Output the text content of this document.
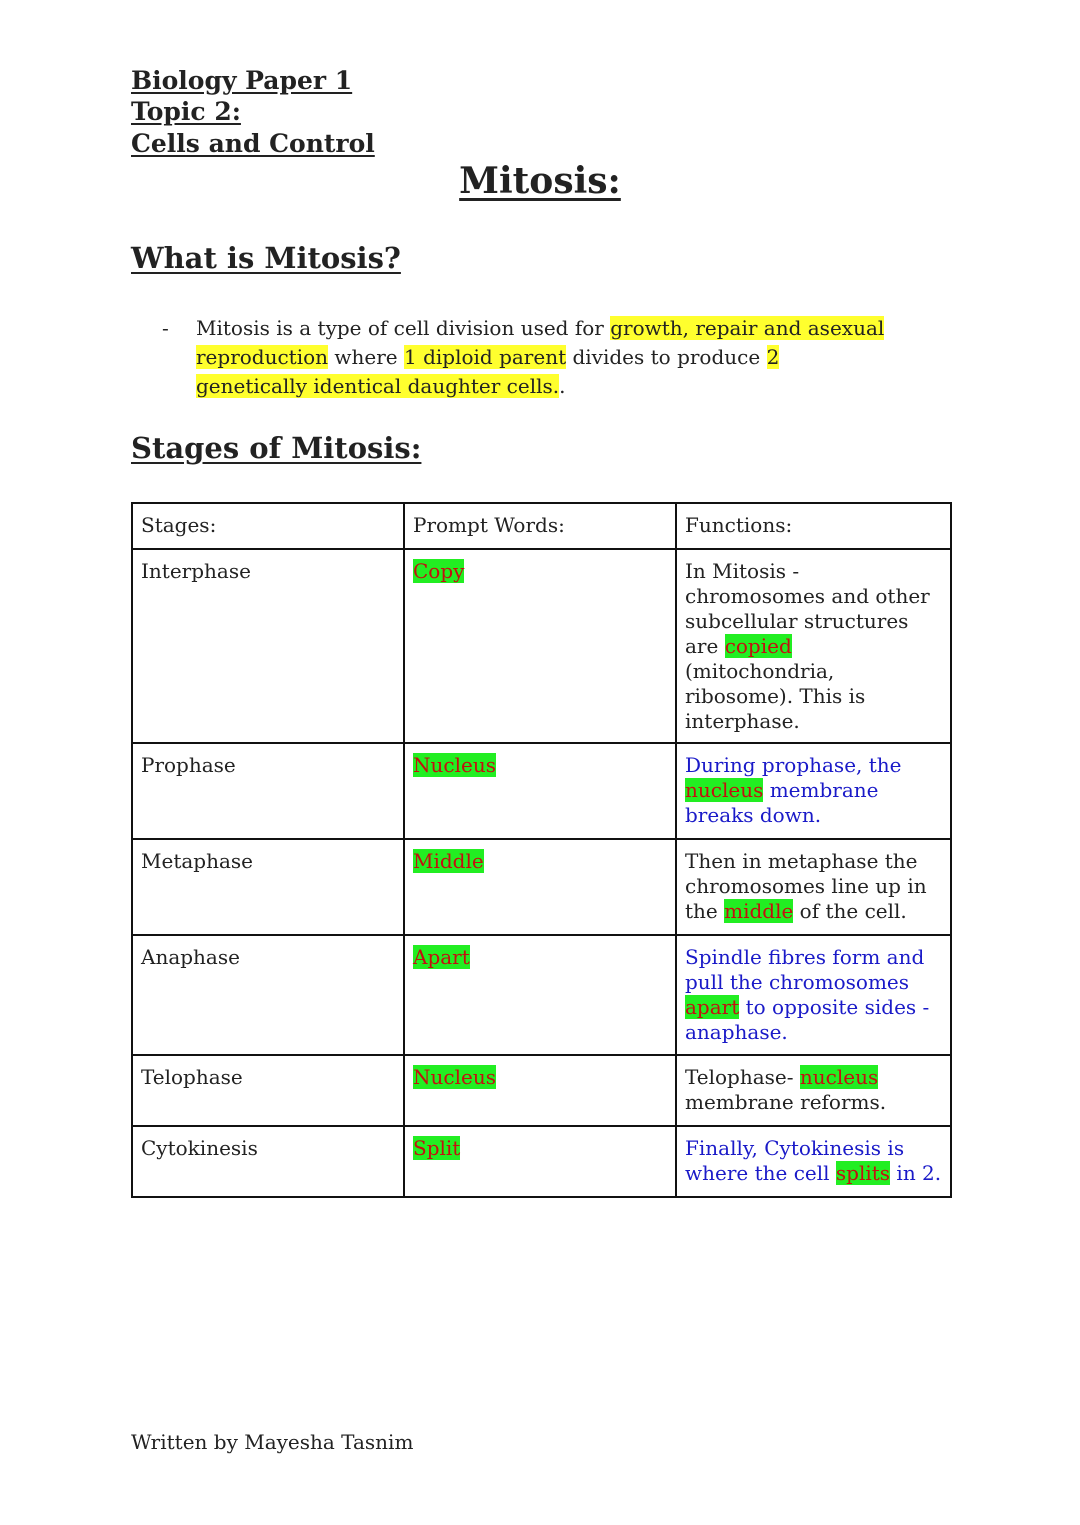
Biology Paper 1

Topic 2:

Cells and Control

Mitosis:
What is Mitosis?
- Mitosis is a type of cell division used for growth, repair and asexual reproduction where 1 diploid parent divides to produce 2 genetically identical daughter cells..

Stages of Mitosis:
Stages:	Prompt Words:	Functions:
Interphase	Copy	In Mitosis - chromosomes and other subcellular structures are copied (mitochondria, ribosome). This is interphase.
Prophase	Nucleus	During prophase, the nucleus membrane breaks down.
Metaphase	Middle	Then in metaphase the chromosomes line up in the middle of the cell.
Anaphase	Apart	Spindle fibres form and pull the chromosomes apart to opposite sides - anaphase.
Telophase	Nucleus	Telophase- nucleus membrane reforms.
Cytokinesis	Split	Finally, Cytokinesis is where the cell splits in 2.

Written by Mayesha Tasnim
